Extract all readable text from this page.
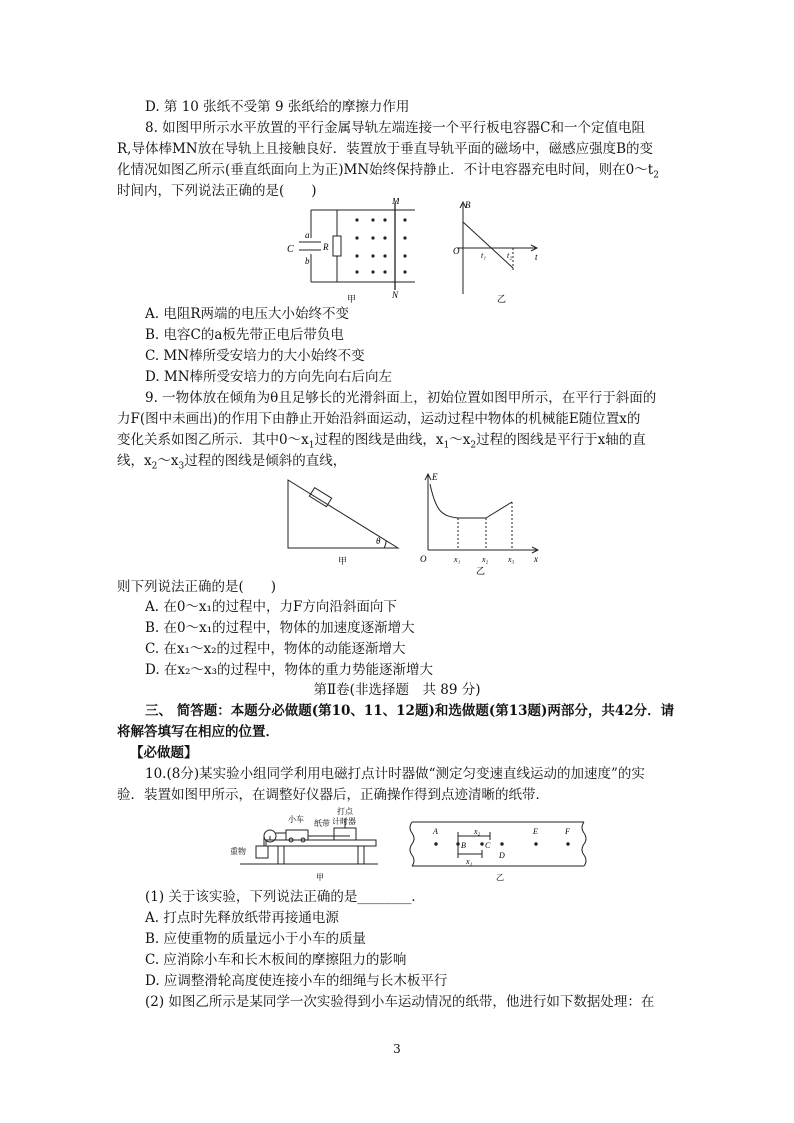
D. 第 10 张纸不受第 9 张纸给的摩擦力作用
8. 如图甲所示水平放置的平行金属导轨左端连接一个平行板电容器C和一个定值电阻
R,导体棒MN放在导轨上且接触良好．装置放于垂直导轨平面的磁场中，磁感应强度B的变
化情况如图乙所示(垂直纸面向上为正)MN始终保持静止．不计电容器充电时间，则在$0\sim t_2$
时间内，下列说法正确的是(　　)
C
a
b
R
M
N
甲
B
t
O	t₁	t₂
乙
A. 电阻R两端的电压大小始终不变
B. 电容C的a板先带正电后带负电
C. MN棒所受安培力的大小始终不变
D. MN棒所受安培力的方向先向右后向左
9. 一物体放在倾角为θ且足够长的光滑斜面上，初始位置如图甲所示，在平行于斜面的
力F(图中未画出)的作用下由静止开始沿斜面运动，运动过程中物体的机械能E随位置x的
变化关系如图乙所示．其中$0\sim x_1$过程的图线是曲线，$x_1\sim x_2$过程的图线是平行于x轴的直
线，$x_2\sim x_3$过程的图线是倾斜的直线，
θ
甲
E
x
O	x₁	x₂ x₃
乙
则下列说法正确的是(　　)
A. 在0～x₁的过程中，力F方向沿斜面向下
B. 在0～x₁的过程中，物体的加速度逐渐增大
C. 在x₁～x₂的过程中，物体的动能逐渐增大
D. 在x₂～x₃的过程中，物体的重力势能逐渐增大
第Ⅱ卷(非选择题　共 89 分)
三、 简答题：本题分必做题(第10、11、12题)和选做题(第13题)两部分，共42分．请
将解答填写在相应的位置．
【必做题】
10.(8分)某实验小组同学利用电磁打点计时器做“测定匀变速直线运动的加速度”的实
验．装置如图甲所示，在调整好仪器后，正确操作得到点迹清晰的纸带．
打点
计时器
小车 纸带
重物
甲
A
B C
D
E	F
x₂
x₁
乙
(1) 关于该实验，下列说法正确的是________．
A. 打点时先释放纸带再接通电源
B. 应使重物的质量远小于小车的质量
C. 应消除小车和长木板间的摩擦阻力的影响
D. 应调整滑轮高度使连接小车的细绳与长木板平行
(2) 如图乙所示是某同学一次实验得到小车运动情况的纸带，他进行如下数据处理：在
3
